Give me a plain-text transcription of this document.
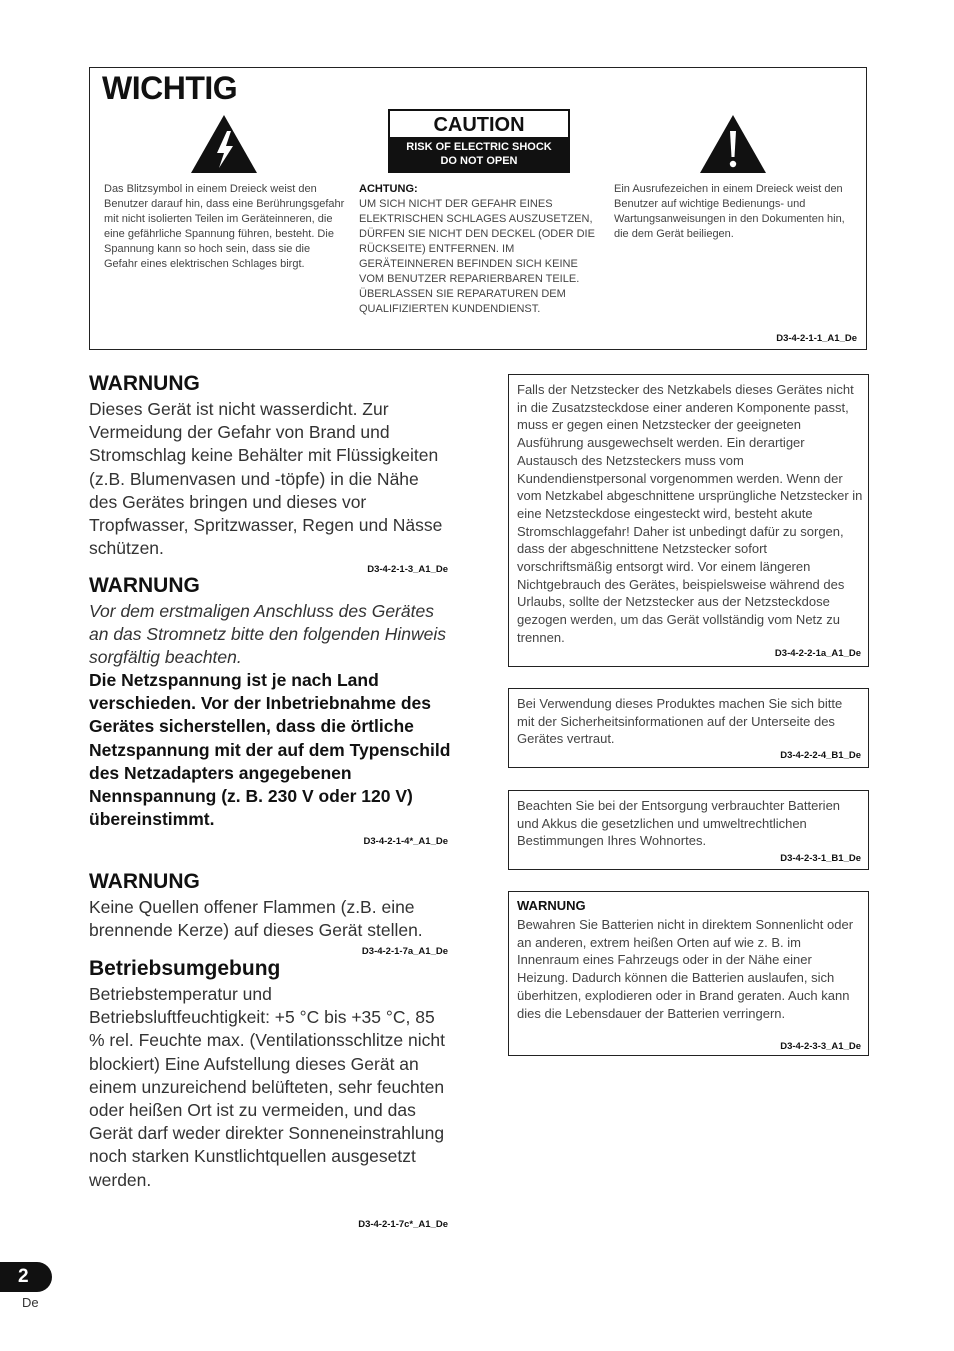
WICHTIG
CAUTION
RISK OF ELECTRIC SHOCK
DO NOT OPEN
Das Blitzsymbol in einem Dreieck weist den Benutzer darauf hin, dass eine Berührungsgefahr mit nicht isolierten Teilen im Geräteinneren, die eine gefährliche Spannung führen, besteht. Die Spannung kann so hoch sein, dass sie die Gefahr eines elektrischen Schlages birgt.
ACHTUNG:
UM SICH NICHT DER GEFAHR EINES ELEKTRISCHEN SCHLAGES AUSZUSETZEN, DÜRFEN SIE NICHT DEN DECKEL (ODER DIE RÜCKSEITE) ENTFERNEN. IM GERÄTEINNEREN BEFINDEN SICH KEINE VOM BENUTZER REPARIERBAREN TEILE. ÜBERLASSEN SIE REPARATUREN DEM QUALIFIZIERTEN KUNDENDIENST.
Ein Ausrufezeichen in einem Dreieck weist den Benutzer auf wichtige Bedienungs- und Wartungsanweisungen in den Dokumenten hin, die dem Gerät beiliegen.
D3-4-2-1-1_A1_De
WARNUNG
Dieses Gerät ist nicht wasserdicht. Zur Vermeidung der Gefahr von Brand und Stromschlag keine Behälter mit Flüssigkeiten (z.B. Blumenvasen und -töpfe) in die Nähe des Gerätes bringen und dieses vor Tropfwasser, Spritzwasser, Regen und Nässe schützen.
D3-4-2-1-3_A1_De
WARNUNG
Vor dem erstmaligen Anschluss des Gerätes an das Stromnetz bitte den folgenden Hinweis sorgfältig beachten.
Die Netzspannung ist je nach Land verschieden. Vor der Inbetriebnahme des Gerätes sicherstellen, dass die örtliche Netzspannung mit der auf dem Typenschild des Netzadapters angegebenen Nennspannung (z. B. 230 V oder 120 V) übereinstimmt.
D3-4-2-1-4*_A1_De
WARNUNG
Keine Quellen offener Flammen (z.B. eine brennende Kerze) auf dieses Gerät stellen.
D3-4-2-1-7a_A1_De
Betriebsumgebung
Betriebstemperatur und Betriebsluftfeuchtigkeit: +5 °C bis +35 °C, 85 % rel. Feuchte max. (Ventilationsschlitze nicht blockiert) Eine Aufstellung dieses Gerät an einem unzureichend belüfteten, sehr feuchten oder heißen Ort ist zu vermeiden, und das Gerät darf weder direkter Sonneneinstrahlung noch starken Kunstlichtquellen ausgesetzt werden.
D3-4-2-1-7c*_A1_De
Falls der Netzstecker des Netzkabels dieses Gerätes nicht in die Zusatzsteckdose einer anderen Komponente passt, muss er gegen einen Netzstecker der geeigneten Ausführung ausgewechselt werden. Ein derartiger Austausch des Netzsteckers muss vom Kundendienstpersonal vorgenommen werden. Wenn der vom Netzkabel abgeschnittene ursprüngliche Netzstecker in eine Netzsteckdose eingesteckt wird, besteht akute Stromschlaggefahr! Daher ist unbedingt dafür zu sorgen, dass der abgeschnittene Netzstecker sofort vorschriftsmäßig entsorgt wird. Vor einem längeren Nichtgebrauch des Gerätes, beispielsweise während des Urlaubs, sollte der Netzstecker aus der Netzsteckdose gezogen werden, um das Gerät vollständig vom Netz zu trennen.
D3-4-2-2-1a_A1_De
Bei Verwendung dieses Produktes machen Sie sich bitte mit der Sicherheitsinformationen auf der Unterseite des Gerätes vertraut.
D3-4-2-2-4_B1_De
Beachten Sie bei der Entsorgung verbrauchter Batterien und Akkus die gesetzlichen und umweltrechtlichen Bestimmungen Ihres Wohnortes.
D3-4-2-3-1_B1_De
WARNUNG
Bewahren Sie Batterien nicht in direktem Sonnenlicht oder an anderen, extrem heißen Orten auf wie z. B. im Innenraum eines Fahrzeugs oder in der Nähe einer Heizung. Dadurch können die Batterien auslaufen, sich überhitzen, explodieren oder in Brand geraten. Auch kann dies die Lebensdauer der Batterien verringern.
D3-4-2-3-3_A1_De
2
De
